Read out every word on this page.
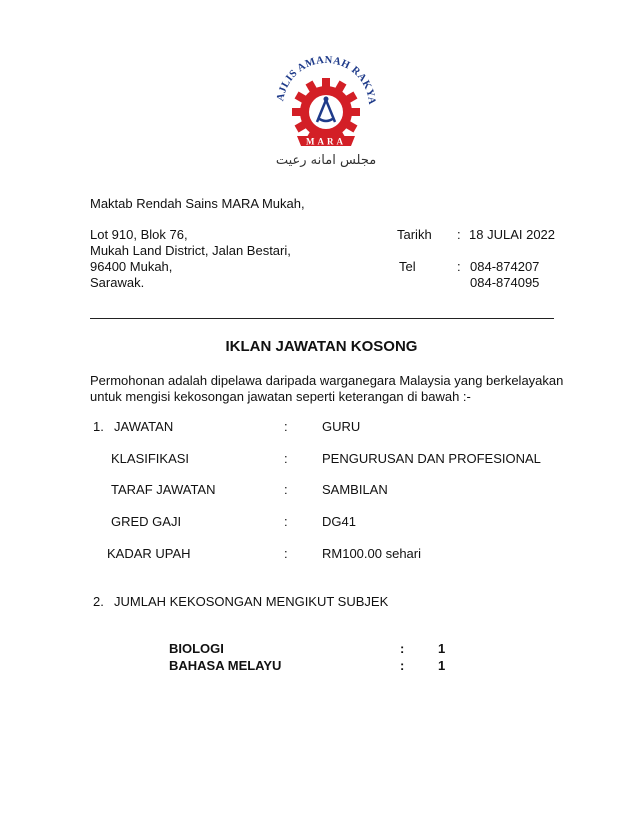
AJLIS AMANAH RAKYA
MARA
مجلس امانه رعيت
Maktab Rendah Sains MARA Mukah,
Lot 910, Blok 76,
Mukah Land District, Jalan Bestari,
96400 Mukah,
Sarawak.
Tarikh : 18 JULAI 2022
Tel	: 084-874207
084-874095
IKLAN JAWATAN KOSONG
Permohonan adalah dipelawa daripada warganegara Malaysia yang berkelayakan
untuk mengisi kekosongan jawatan seperti keterangan di bawah :-
1. JAWATAN	:	GURU
KLASIFIKASI	:	PENGURUSAN DAN PROFESIONAL
TARAF JAWATAN	:	SAMBILAN
GRED GAJI	:	DG41
KADAR UPAH	:	RM100.00 sehari
2. JUMLAH KEKOSONGAN MENGIKUT SUBJEK
BIOLOGI	:	1
BAHASA MELAYU	:	1
